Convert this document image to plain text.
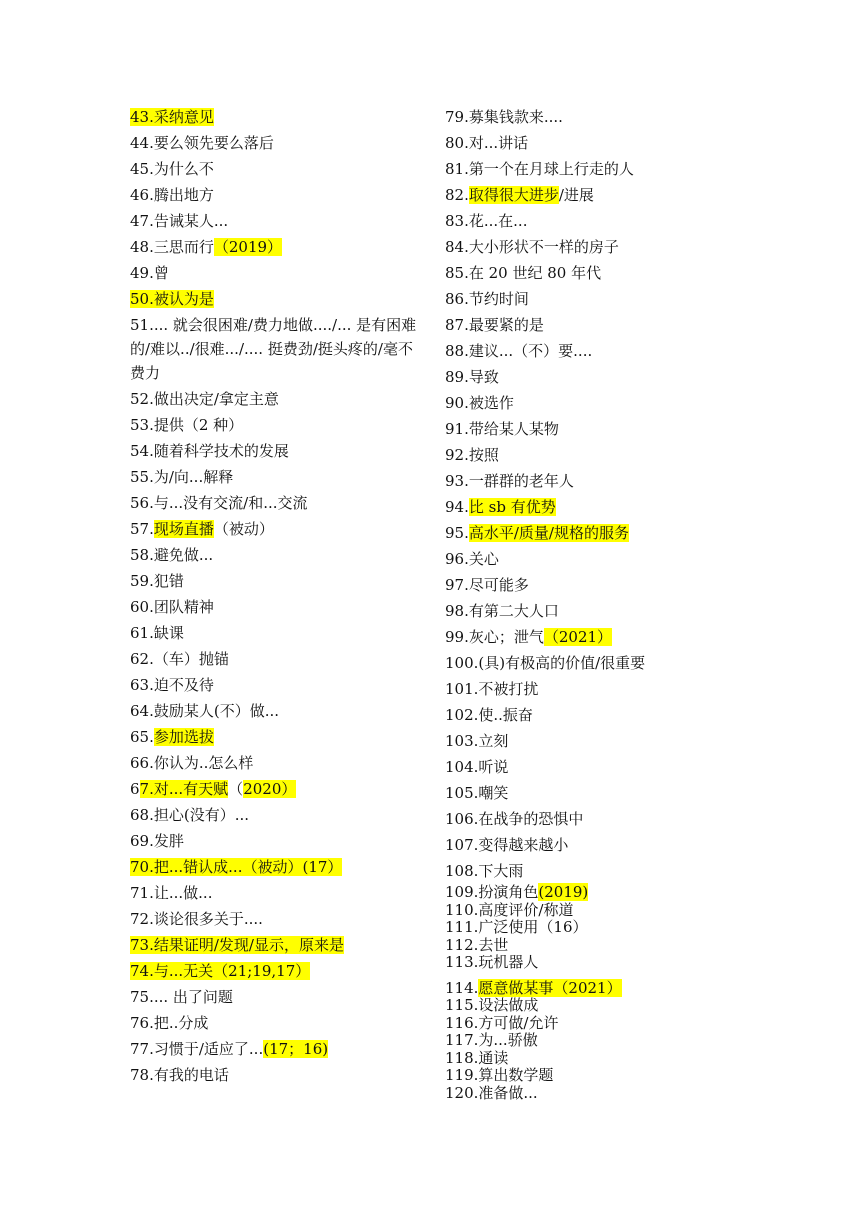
43.采纳意见
44.要么领先要么落后
45.为什么不
46.腾出地方
47.告诫某人...
48.三思而行（2019）
49.曾
50.被认为是
51.... 就会很困难/费力地做..../... 是有困难的/难以../很难.../.... 挺费劲/挺头疼的/毫不费力
52.做出决定/拿定主意
53.提供（2 种）
54.随着科学技术的发展
55.为/向...解释
56.与...没有交流/和...交流
57.现场直播（被动）
58.避免做...
59.犯错
60.团队精神
61.缺课
62.（车）抛锚
63.迫不及待
64.鼓励某人(不）做...
65.参加选拔
66.你认为..怎么样
67.对...有天赋（2020）
68.担心(没有）...
69.发胖
70.把...错认成...（被动）(17）
71.让...做...
72.谈论很多关于....
73.结果证明/发现/显示，原来是
74.与...无关（21;19,17）
75.... 出了问题
76.把..分成
77.习惯于/适应了...(17；16)
78.有我的电话
79.募集钱款来....
80.对...讲话
81.第一个在月球上行走的人
82.取得很大进步/进展
83.花...在...
84.大小形状不一样的房子
85.在 20 世纪 80 年代
86.节约时间
87.最要紧的是
88.建议...（不）要....
89.导致
90.被选作
91.带给某人某物
92.按照
93.一群群的老年人
94.比 sb 有优势
95.高水平/质量/规格的服务
96.关心
97.尽可能多
98.有第二大人口
99.灰心；泄气（2021）
100.(具)有极高的价值/很重要
101.不被打扰
102.使..振奋
103.立刻
104.听说
105.嘲笑
106.在战争的恐惧中
107.变得越来越小
108.下大雨
109.扮演角色(2019)
110.高度评价/称道
111.广泛使用（16）
112.去世
113.玩机器人
114.愿意做某事（2021）
115.设法做成
116.方可做/允许
117.为...骄傲
118.通读
119.算出数学题
120.准备做...
